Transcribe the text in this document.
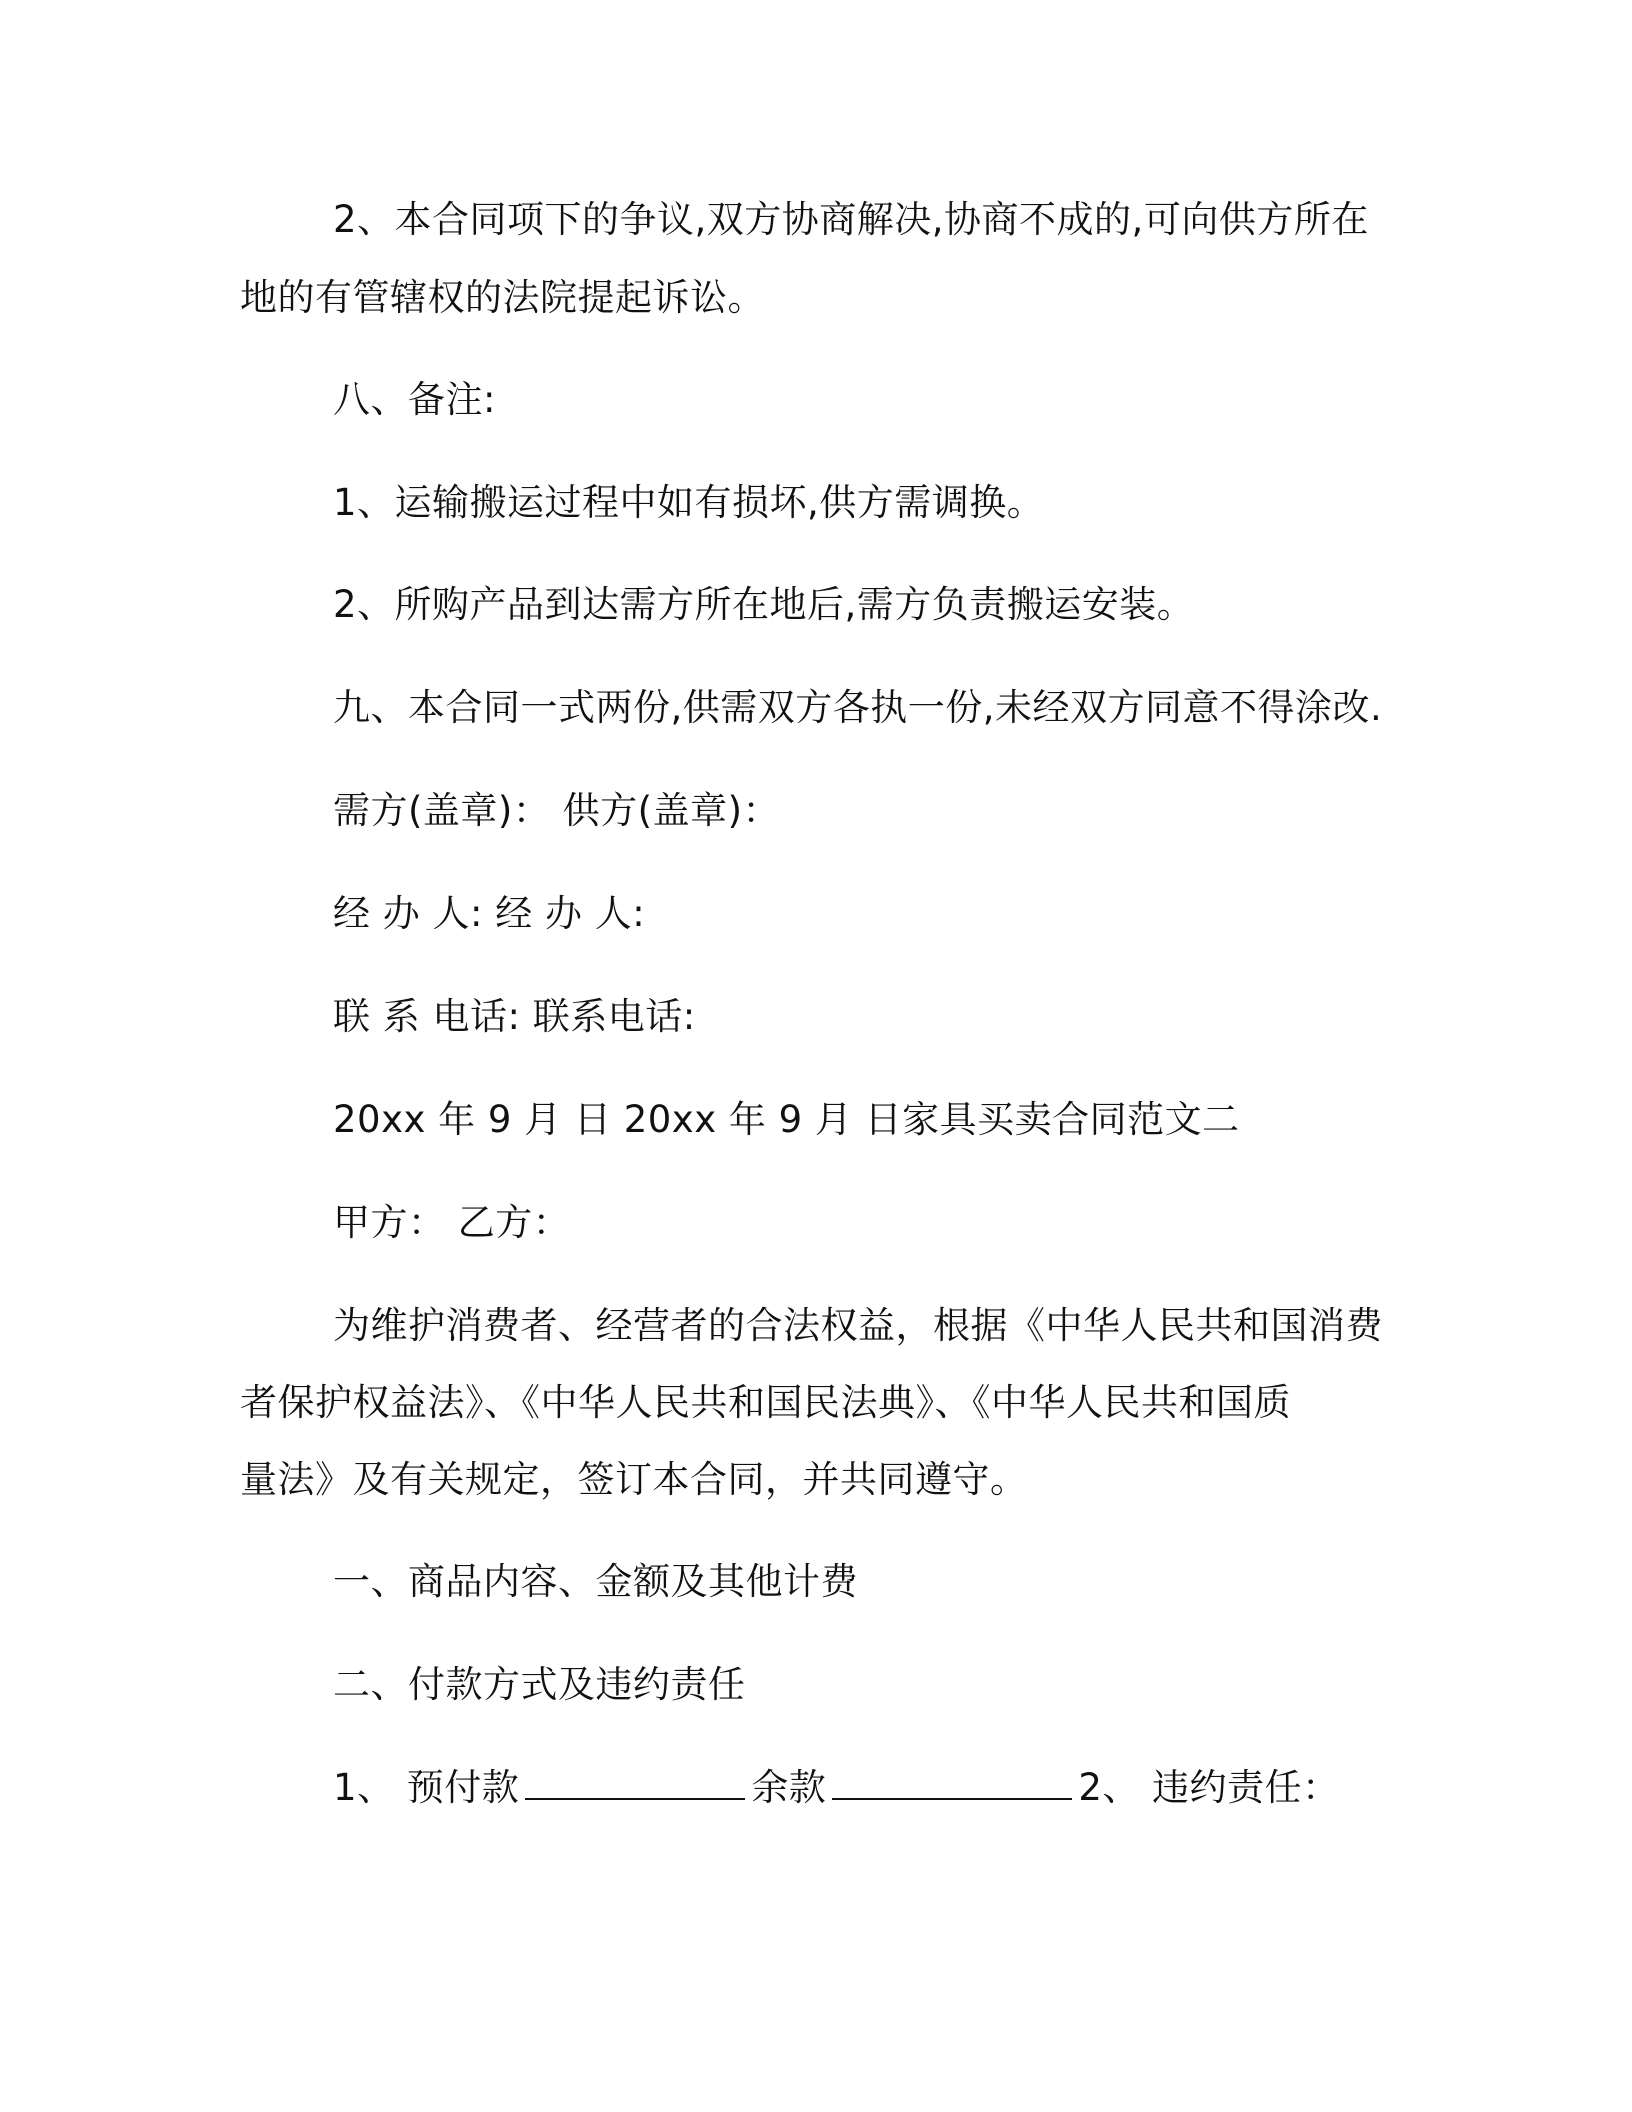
2、本合同项下的争议,双方协商解决,协商不成的,可向供方所在
地的有管辖权的法院提起诉讼。
八、备注:
1、运输搬运过程中如有损坏,供方需调换。
2、所购产品到达需方所在地后,需方负责搬运安装。
九、本合同一式两份,供需双方各执一份,未经双方同意不得涂改.
需方(盖章)： 供方(盖章)：
经 办 人: 经 办 人:
联 系 电话: 联系电话:
20xx 年 9 月 日 20xx 年 9 月 日家具买卖合同范文二
甲方： 乙方：
为维护消费者、经营者的合法权益，根据《中华人民共和国消费
者保护权益法》、《中华人民共和国民法典》、《中华人民共和国质
量法》及有关规定，签订本合同，并共同遵守。
一、商品内容、金额及其他计费
二、付款方式及违约责任
1、 预付款	余款	2、 违约责任：
